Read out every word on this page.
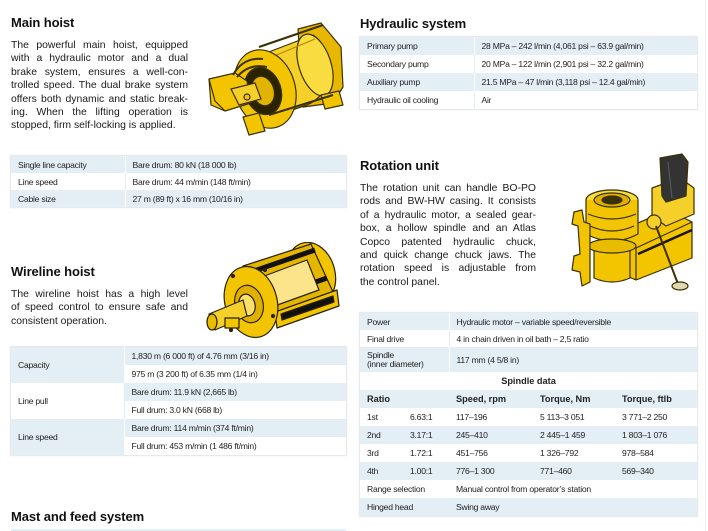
Main hoist
The powerful main hoist, equipped
with a hydraulic motor and a dual
brake system, ensures a well-con-
trolled speed. The dual brake system
offers both dynamic and static break-
ing. When the lifting operation is
stopped, firm self-locking is applied.
Single line capacity	Bare drum: 80 kN (18 000 lb)
Line speed	Bare drum: 44 m/min (148 ft/min)
Cable size	27 m (89 ft) x 16 mm (10/16 in)
Wireline hoist
The wireline hoist has a high level
of speed control to ensure safe and
consistent operation.
Capacity	1,830 m (6 000 ft) of 4.76 mm (3/16 in)
	975 m (3 200 ft) of 6.35 mm (1/4 in)
Line pull	Bare drum: 11.9 kN (2,665 lb)
	Full drum: 3.0 kN (668 lb)
Line speed	Bare drum: 114 m/min (374 ft/min)
	Full drum: 453 m/min (1 486 ft/min)
Mast and feed system
Hydraulic system
Primary pump	28 MPa – 242 l/min (4,061 psi – 63.9 gal/min)
Secondary pump	20 MPa – 122 l/min (2,901 psi – 32.2 gal/min)
Auxiliary pump	21.5 MPa – 47 l/min (3,118 psi – 12.4 gal/min)
Hydraulic oil cooling	Air
Rotation unit
The rotation unit can handle BO-PO
rods and BW-HW casing. It consists
of a hydraulic motor, a sealed gear-
box, a hollow spindle and an Atlas
Copco patented hydraulic chuck,
and quick change chuck jaws. The
rotation speed is adjustable from
the control panel.
Power		Hydraulic motor – variable speed/reversible		
Final drive		4 in chain driven in oil bath – 2,5 ratio		

Spindle
(inner diameter)		117 mm (4 5/8 in)		
Spindle data				
Ratio		Speed, rpm	Torque, Nm	Torque, ftlb
1st	6.63:1	117–196	5 113–3 051	3 771–2 250
2nd	3.17:1	245–410	2 445–1 459	1 803–1 076
3rd	1.72:1	451–756	1 326–792	978–584
4th	1.00:1	776–1 300	771–460	569–340
Range selection		Manual control from operator’s station		
Hinged head		Swing away		
